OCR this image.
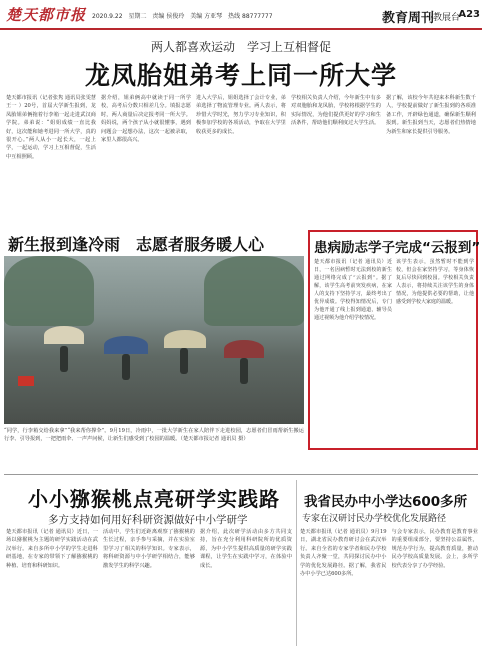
楚天都市报 2020.9.22 星期二 责编 侯俊玲 美编 方亚琴 热线 88777777	教育周刊
·教展台
A23
两人都喜欢运动　学习上互相督促
龙凤胎姐弟考上同一所大学

楚天都市报讯（记者张隽 通讯员张雯慧 王一 ）20号，首届大学新生报到，龙凤胎姐弟俩拖着行李箱一起走进武汉商学院。弟弟说：“姐姐成绩一直比我好，这次能和她考进同一所大学，真的很开心。”两人从小一起长大，一起上学，一起运动，学习上互相督促，生活中互相照顾。

据介绍，姐弟俩高中就读于同一所学校，高考后分数只相差几分。填报志愿时，两人商量后决定报考同一所大学。妈妈说，两个孩子从小就很懂事，遇到问题会一起想办法，这次一起被录取，家里人都很高兴。

进入大学后，姐姐选择了会计专业，弟弟选择了物流管理专业。两人表示，将珍惜大学时光，努力学习专业知识，积极参加学校的各项活动，争取在大学里收获更多的成长。

学校相关负责人介绍，今年新生中有多对双胞胎和龙凤胎，学校将根据学生的实际情况，为他们提供更好的学习和生活条件，帮助他们顺利度过大学生活。

据了解，该校今年共迎来本科新生数千人，学校提前做好了新生报到的各项准备工作，开辟绿色通道，确保新生顺利报到。新生报到当天，志愿者们热情地为新生和家长提供引导服务。

新生报到逢冷雨　志愿者服务暖人心

“同学，行李箱交给我来拿”“我来帮你撑伞”。9月19日，冷雨中，一批大学新生在家人陪伴下走进校园，志愿者们冒雨帮新生搬运行李、引导报到，一把把雨伞、一声声问候，让新生们感受到了校园的温暖。（楚天都市报记者 通讯员 摄）

患病励志学子完成“云报到”

楚天都市报讯（记者 通讯员）近日，一名因病暂时无法到校的新生通过网络完成了“云报到”。据了解，该学生高考前突发疾病，在家人的支持下坚持学习，最终考出了优异成绩。学校得知情况后，专门为他开通了线上报到通道，辅导员通过视频为他介绍学校情况。

该学生表示，虽然暂时不能到学校，但会在家坚持学习，等身体恢复后尽快回到校园。学校相关负责人表示，将持续关注该学生的身体情况，为他提供必要的帮助，让他感受到学校大家庭的温暖。

小小猕猴桃点亮研学实践路
多方支持如何用好科研资源做好中小学研学

楚天都市报讯（记者 通讯员）近日，一场以猕猴桃为主题的研学实践活动在武汉举行。来自多所中小学的学生走进科研基地，在专家的带领下了解猕猴桃的种植、培育和科研知识。

活动中，学生们近距离观察了猕猴桃的生长过程，亲手参与采摘，并在实验室里学习了相关的科学知识。专家表示，将科研资源与中小学研学相结合，能够激发学生的科学兴趣。

据介绍，此次研学活动由多方共同支持，旨在充分利用科研院所的优质资源，为中小学生提供高质量的研学实践课程，让学生在实践中学习，在体验中成长。

我省民办中小学达600多所
专家在汉研讨民办学校优化发展路径

楚天都市报讯（记者 通讯员）9月19日，湖北省民办教育研讨会在武汉举行。来自全省的专家学者和民办学校负责人齐聚一堂，共同探讨民办中小学的优化发展路径。据了解，我省民办中小学已达600多所。

与会专家表示，民办教育是教育事业的重要组成部分，要坚持公益属性，规范办学行为，提高教育质量，推动民办学校高质量发展。会上，多所学校代表分享了办学经验。
